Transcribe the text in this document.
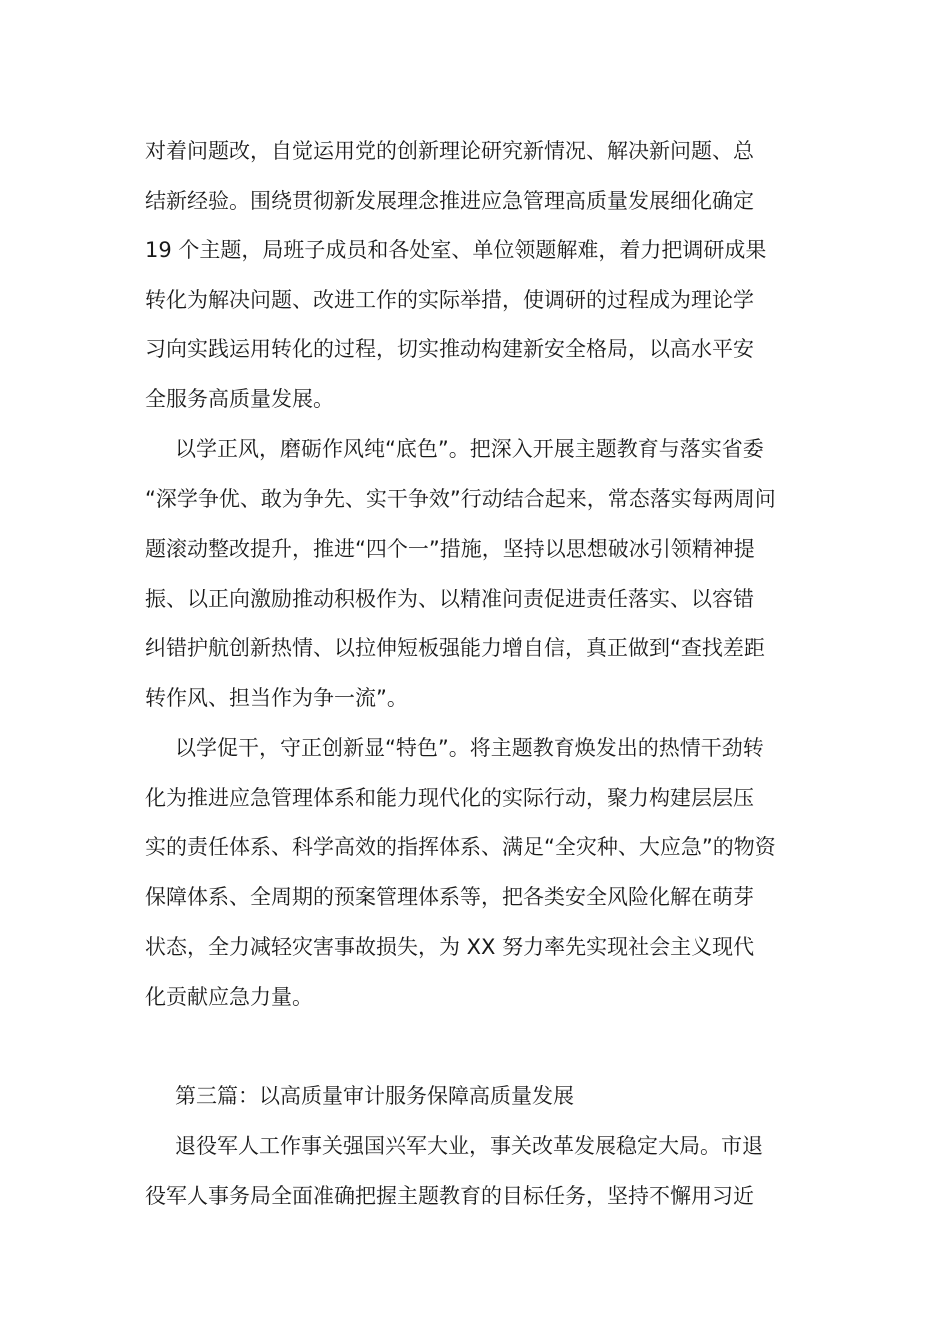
对着问题改，自觉运用党的创新理论研究新情况、解决新问题、总
结新经验。围绕贯彻新发展理念推进应急管理高质量发展细化确定
19 个主题，局班子成员和各处室、单位领题解难，着力把调研成果
转化为解决问题、改进工作的实际举措，使调研的过程成为理论学
习向实践运用转化的过程，切实推动构建新安全格局，以高水平安
全服务高质量发展。
以学正风，磨砺作风纯“底色”。把深入开展主题教育与落实省委
“深学争优、敢为争先、实干争效”行动结合起来，常态落实每两周问
题滚动整改提升，推进“四个一”措施，坚持以思想破冰引领精神提
振、以正向激励推动积极作为、以精准问责促进责任落实、以容错
纠错护航创新热情、以拉伸短板强能力增自信，真正做到“查找差距
转作风、担当作为争一流”。
以学促干，守正创新显“特色”。将主题教育焕发出的热情干劲转
化为推进应急管理体系和能力现代化的实际行动，聚力构建层层压
实的责任体系、科学高效的指挥体系、满足“全灾种、大应急”的物资
保障体系、全周期的预案管理体系等，把各类安全风险化解在萌芽
状态，全力减轻灾害事故损失，为 XX 努力率先实现社会主义现代
化贡献应急力量。
第三篇：以高质量审计服务保障高质量发展
退役军人工作事关强国兴军大业，事关改革发展稳定大局。市退
役军人事务局全面准确把握主题教育的目标任务，坚持不懈用习近
